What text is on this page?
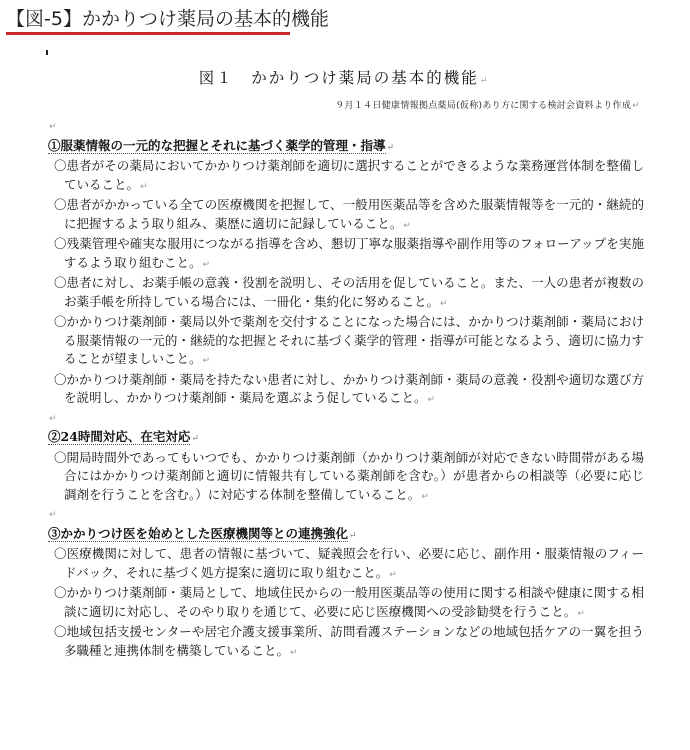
【図-5】かかりつけ薬局の基本的機能
図１　かかりつけ薬局の基本的機能↵
９月１４日健康情報拠点薬局(仮称)あり方に関する検討会資料より作成↵
↵
①服薬情報の一元的な把握とそれに基づく薬学的管理・指導↵
〇患者がその薬局においてかかりつけ薬剤師を適切に選択することができるような業務運営体制を整備していること。↵
〇患者がかかっている全ての医療機関を把握して、一般用医薬品等を含めた服薬情報等を一元的・継続的に把握するよう取り組み、薬歴に適切に記録していること。↵
〇残薬管理や確実な服用につながる指導を含め、懇切丁寧な服薬指導や副作用等のフォローアップを実施するよう取り組むこと。↵
〇患者に対し、お薬手帳の意義・役割を説明し、その活用を促していること。また、一人の患者が複数のお薬手帳を所持している場合には、一冊化・集約化に努めること。↵
〇かかりつけ薬剤師・薬局以外で薬剤を交付することになった場合には、かかりつけ薬剤師・薬局における服薬情報の一元的・継続的な把握とそれに基づく薬学的管理・指導が可能となるよう、適切に協力することが望ましいこと。↵
〇かかりつけ薬剤師・薬局を持たない患者に対し、かかりつけ薬剤師・薬局の意義・役割や適切な選び方を説明し、かかりつけ薬剤師・薬局を選ぶよう促していること。↵
↵
②24時間対応、在宅対応↵
〇開局時間外であってもいつでも、かかりつけ薬剤師（かかりつけ薬剤師が対応できない時間帯がある場合にはかかりつけ薬剤師と適切に情報共有している薬剤師を含む。）が患者からの相談等（必要に応じ調剤を行うことを含む。）に対応する体制を整備していること。↵
↵
③かかりつけ医を始めとした医療機関等との連携強化↵
〇医療機関に対して、患者の情報に基づいて、疑義照会を行い、必要に応じ、副作用・服薬情報のフィードバック、それに基づく処方提案に適切に取り組むこと。↵
〇かかりつけ薬剤師・薬局として、地域住民からの一般用医薬品等の使用に関する相談や健康に関する相談に適切に対応し、そのやり取りを通じて、必要に応じ医療機関への受診勧奨を行うこと。↵
〇地域包括支援センターや居宅介護支援事業所、訪問看護ステーションなどの地域包括ケアの一翼を担う多職種と連携体制を構築していること。↵
